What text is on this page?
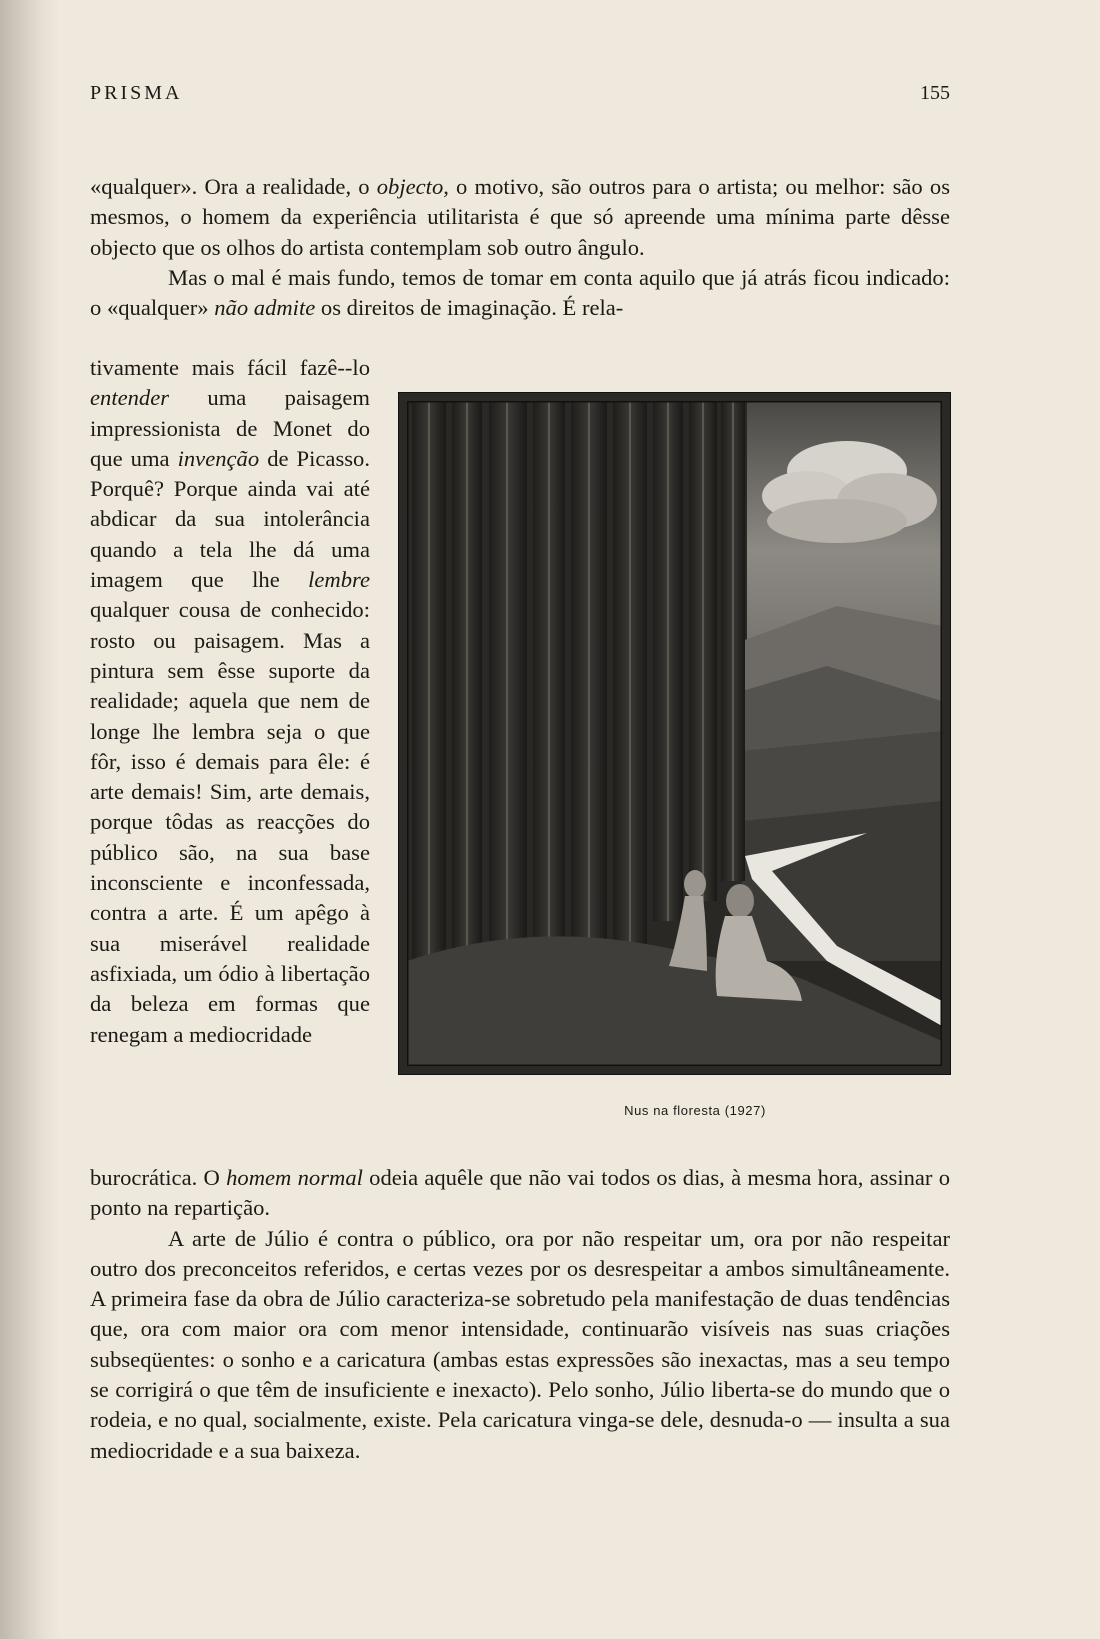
PRISMA	155

«qualquer». Ora a realidade, o objecto, o motivo, são outros para o artista; ou melhor: são os mesmos, o homem da experiência utilitarista é que só apreende uma mínima parte dêsse objecto que os olhos do artista contemplam sob outro ângulo.

Mas o mal é mais fundo, temos de tomar em conta aquilo que já atrás ficou indicado: o «qualquer» não admite os direitos de imaginação. É rela-

tivamente mais fácil fazê--lo entender uma paisagem impressionista de Monet do que uma invenção de Picasso. Porquê? Porque ainda vai até abdicar da sua intolerância quando a tela lhe dá uma imagem que lhe lembre qualquer cousa de conhecido: rosto ou paisagem. Mas a pintura sem êsse suporte da realidade; aquela que nem de longe lhe lembra seja o que fôr, isso é demais para êle: é arte demais! Sim, arte demais, porque tôdas as reacções do público são, na sua base inconsciente e inconfessada, contra a arte. É um apêgo à sua miserável realidade asfixiada, um ódio à libertação da beleza em formas que renegam a mediocridade

Nus na floresta (1927)

burocrática. O homem normal odeia aquêle que não vai todos os dias, à mesma hora, assinar o ponto na repartição.

A arte de Júlio é contra o público, ora por não respeitar um, ora por não respeitar outro dos preconceitos referidos, e certas vezes por os desrespeitar a ambos simultâneamente. A primeira fase da obra de Júlio caracteriza-se sobretudo pela manifestação de duas tendências que, ora com maior ora com menor intensidade, continuarão visíveis nas suas criações subseqüentes: o sonho e a caricatura (ambas estas expressões são inexactas, mas a seu tempo se corrigirá o que têm de insuficiente e inexacto). Pelo sonho, Júlio liberta-se do mundo que o rodeia, e no qual, socialmente, existe. Pela caricatura vinga-se dele, desnuda-o — insulta a sua mediocridade e a sua baixeza.
